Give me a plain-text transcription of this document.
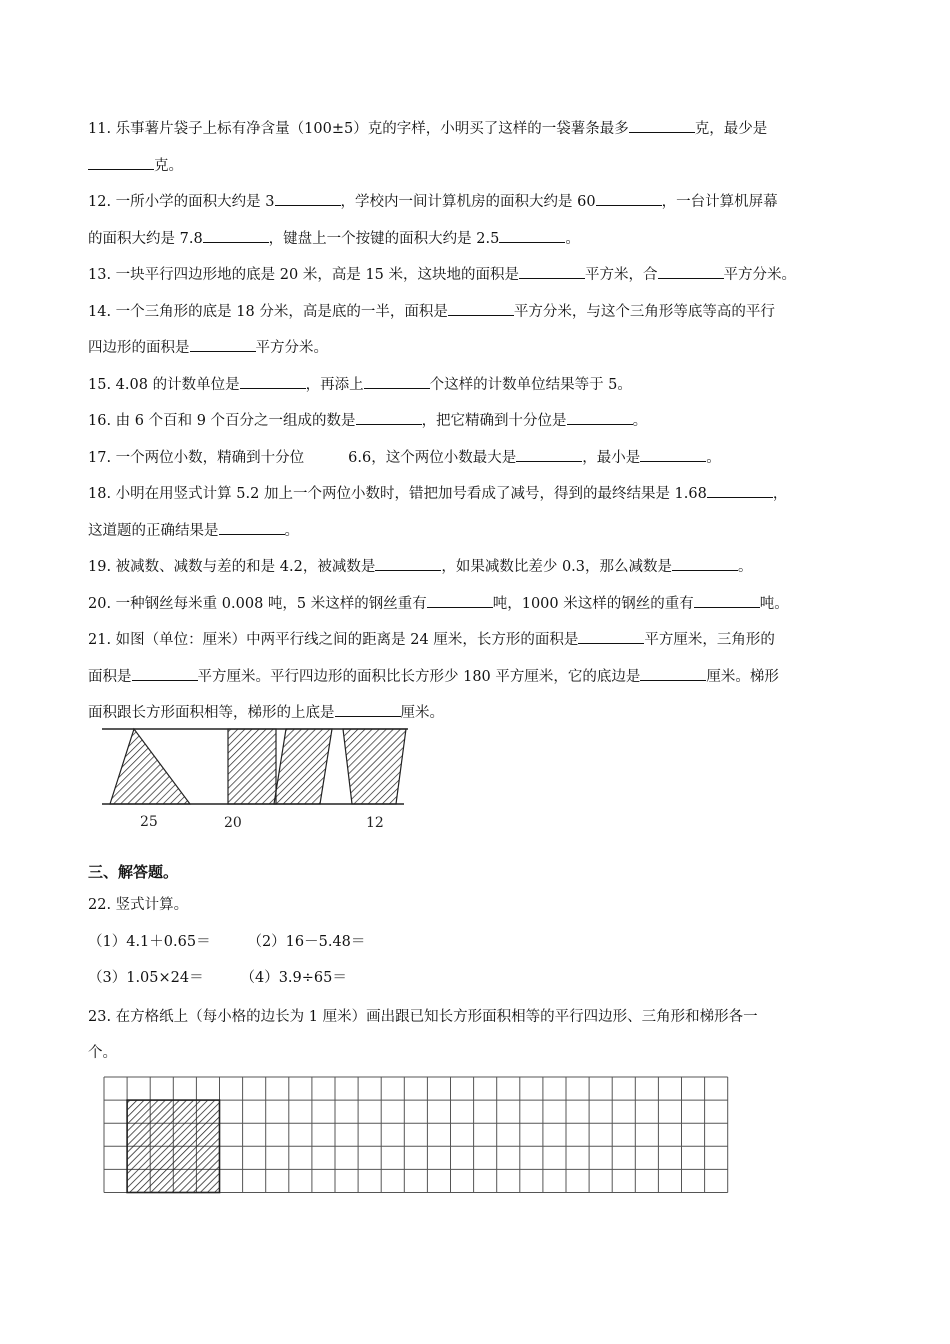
11. 乐事薯片袋子上标有净含量（100±5）克的字样，小明买了这样的一袋薯条最多	克，最少是
克。
12. 一所小学的面积大约是 3	，学校内一间计算机房的面积大约是 60	，一台计算机屏幕
的面积大约是 7.8	，键盘上一个按键的面积大约是 2.5	。
13. 一块平行四边形地的底是 20 米，高是 15 米，这块地的面积是	平方米，合	平方分米。
14. 一个三角形的底是 18 分米，高是底的一半，面积是	平方分米，与这个三角形等底等高的平行
四边形的面积是	平方分米。
15. 4.08 的计数单位是	，再添上	个这样的计数单位结果等于 5。
16. 由 6 个百和 9 个百分之一组成的数是	，把它精确到十分位是	。
17. 一个两位小数，精确到十分位	6.6，这个两位小数最大是	，最小是	。
18. 小明在用竖式计算 5.2 加上一个两位小数时，错把加号看成了减号，得到的最终结果是 1.68	，
这道题的正确结果是	。
19. 被减数、减数与差的和是 4.2，被减数是	，如果减数比差少 0.3，那么减数是	。
20. 一种钢丝每米重 0.008 吨，5 米这样的钢丝重有	吨，1000 米这样的钢丝的重有	吨。
21. 如图（单位：厘米）中两平行线之间的距离是 24 厘米，长方形的面积是	平方厘米，三角形的
面积是	平方厘米。平行四边形的面积比长方形少 180 平方厘米，它的底边是	厘米。梯形
面积跟长方形面积相等，梯形的上底是	厘米。
25	20	12
三、解答题。
22. 竖式计算。
（1）4.1＋0.65＝        （2）16－5.48＝
（3）1.05×24＝        （4）3.9÷65＝
23. 在方格纸上（每小格的边长为 1 厘米）画出跟已知长方形面积相等的平行四边形、三角形和梯形各一
个。
